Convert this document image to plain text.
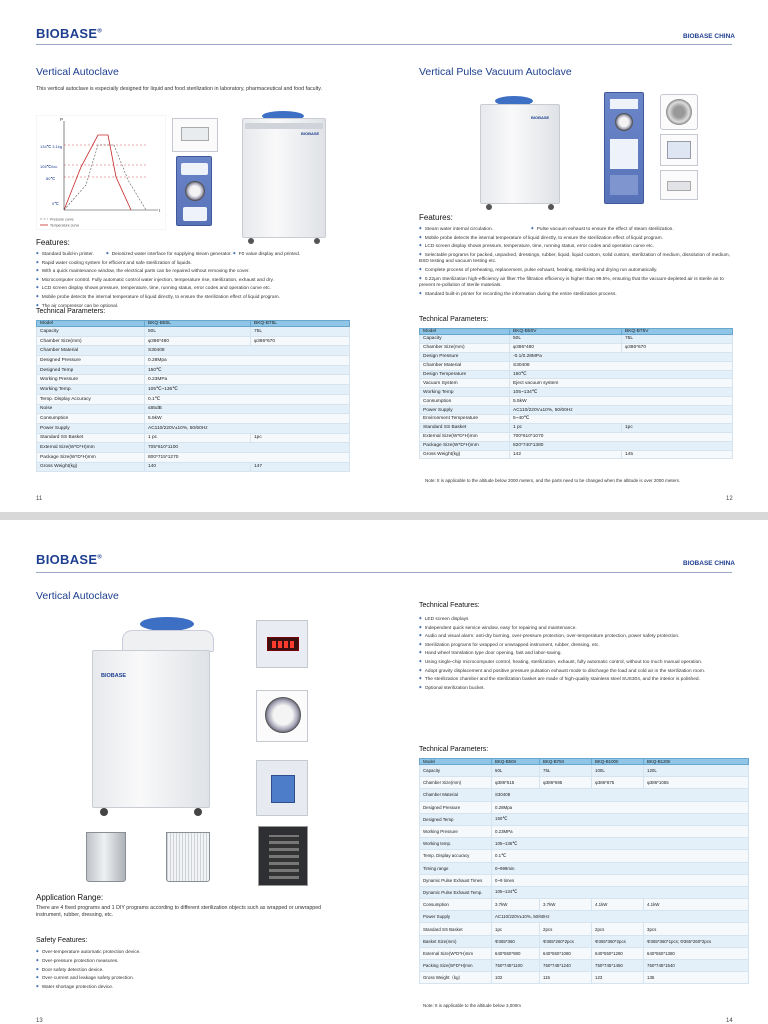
BIOBASE®
BIOBASE CHINA
Vertical Autoclave
This vertical autoclave is especially designed for liquid and food sterilization in laboratory, pharmaceutical and food faculty.
134℃ 3.1kg
105℃/loc
80℃
0℃
P
t
Pressure curve
Temperature curve
BIOBASE
Features:
◆ Standard build-in printer.	◆ Deionized water interface for supplying steam generator. ◆ F0 value display and printed.◆ Rapid water cooling system for efficient and safe sterilization of liquids.
◆ With a quick maintenance window, the electrical parts can be repaired without removing the cover.
◆ Microcomputer control. Fully automatic control water injection, temperature rise, sterilization, exhaust and dry.
◆ LCD screen display shows pressure, temperature, time, running status, error codes and operation curve etc.
◆ Mobile probe detects the internal temperature of liquid directly, to ensure the sterilization effect of liquid program.
◆ The air compressor can be optional.
Technical Parameters:
Model	BKQ-B50L	BKQ-B75L
Capacity	50L	75L
Chamber Size(mm)	φ386*480	φ386*670
Chamber Material	S30408	
Designed Pressure	0.28Mpa	
Designed Temp	150℃	
Working Pressure	0.23MPa	
Working Temp.	105℃~136℃	
Temp. Display Accuracy	0.1℃	
Noise	≤65dB	
Consumption	5.5kW	
Power Supply	AC110/220V±10%, 50/60Hz	
Standard SS Basket	1 pc	1pc
External Size(W*D*H)mm	705*610*1100	
Package Size(W*D*H)mm	800*715*1270	
Gross Weight(kg)	140	147
11
Vertical Pulse Vacuum Autoclave
BIOBASE
Features:
◆ Steam water internal circulation.	◆ Pulse vacuum exhaust to ensure the effect of steam sterilization.
◆ Mobile probe detects the internal temperature of liquid directly, to ensure the sterilization effect of liquid program.
◆ LCD screen display shows pressure, temperature, time, running status, error codes and operation curve etc.
◆ Selectable programs for packed, unpacked, dressings, rubber, liquid, liquid custom, solid custom, sterilization of medium, dissolution of medium, BSD testing and vacuum testing etc.
◆ Complete process of preheating, replacement, pulse exhaust, heating, sterilizing and drying run automatically.
◆ 0.22μm Sterilization high-efficiency air filter.The filtration efficiency is higher than 99.5%, ensuring that the vacuum-depleted air is sterile an to prevent re-pollution of sterile materials.
◆ Standard built-in printer for recording the information during the entire sterilization process.
Technical Parameters:
Model	BKQ-B50V	BKQ-B75V
Capacity	50L	75L
Chamber Size(mm)	φ386*480	φ386*670
Design Pressure	-0.1/0.28MPa	
Chamber Material	S30408	
Design Temperature	150℃	
Vacuum System	Eject vacuum system	
Working Temp	105~134℃	
Consumption	5.5kW	
Power Supply	AC110/220V±10%, 50/60Hz	
Environment Temperature	5~40℃	
Standard SS Basket	1 pc	1pc
External Size(W*D*H)mm	700*610*1070	
Package Size(W*D*H)mm	820*740*1380	
Gross Weight(kg)	142	145
Note: It is applicable to the altitude below 2000 meters, and the parts need to be changed when the altitude is over 2000 meters.
12
BIOBASE®
BIOBASE CHINA
Vertical Autoclave
BIOBASE
Application Range:
There are 4 fixed programs and 1 DIY programs according to different sterilization objects such as wrapped or unwrapped instrument, rubber, dressing, etc.
Safety Features:
◆ Over-temperature automatic protection device.
◆ Over-pressure protection measures.
◆ Door safety detection device.
◆ Over-current and leakage safety protection.
◆ Water shortage protection device.
Technical Features:
◆ LED screen displays
◆ Independent quick service window, easy for repairing and maintenance.
◆ Audio and visual alarm: anti-dry burning, over-pressure protection, over-temperature protection, power safety protection.
◆ Sterilization programs for wrapped or unwrapped instrument, rubber, dressing, etc.
◆ Hand wheel translation type door opening, fast and labor-saving.
◆ Using single-chip microcomputer control, heating, sterilization, exhaust, fully automatic control, without too much manual operation.
◆ Adopt gravity displacement and positive pressure pulsation exhaust mode to discharge the load and cold air in the sterilization room.
◆ The sterilization chamber and the sterilization basket are made of high-quality stainless steel SUS304, and the interior is polished.
◆ Optional sterilization bucket.
Technical Parameters:
Model	BKQ-B50II	BKQ-B75II	BKQ-B100II	BKQ-B120II
Capacity	50L	75L	100L	120L
Chamber Size(mm)	φ386*515	φ386*695	φ386*875	φ386*1055
Chamber Material	S30408			
Designed Pressure	0.28Mpa			
Designed Temp	150℃			
Working Pressure	0.23MPa			
Working temp.	105~136℃			
Temp. Display accuracy	0.1℃			
Timing range	0~999min			
Dynamic Pulse Exhaust Times	0~9 times			
Dynamic Pulse Exhaust Temp.	105~134℃			
Consumption	3.7kW	3.7kW	4.1kW	4.1kW
Power Supply	AC110/220V±10%, 50/60Hz			
Standard SS Basket	1pc	2pcs	2pcs	3pcs
Basket Size(mm)	Φ365*360	Φ365*260*2pcs	Φ365*360*2pcs	Φ365*360*1pcs; Φ365*260*2pcs
External Size(W*D*H)mm	640*550*980	640*550*1080	640*550*1280	640*550*1380
Packing Size(W*D*H)mm	750*745*1100	750*745*1240	750*745*1450	750*745*1540
Gross Weight（kg）	102	115	123	135
Note: It is applicable to the altitude below 3,000m
13	14
